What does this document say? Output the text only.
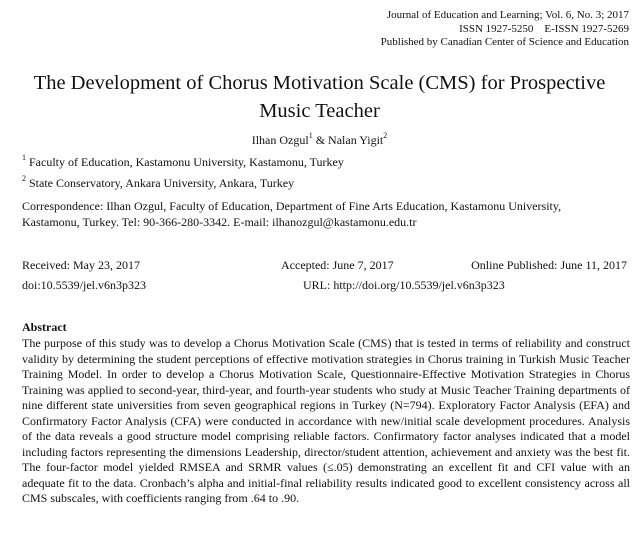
Journal of Education and Learning; Vol. 6, No. 3; 2017
ISSN 1927-5250    E-ISSN 1927-5269
Published by Canadian Center of Science and Education
The Development of Chorus Motivation Scale (CMS) for Prospective
Music Teacher
Ilhan Ozgul$^1$ & Nalan Yigit$^2$
$^1$ Faculty of Education, Kastamonu University, Kastamonu, Turkey
$^2$ State Conservatory, Ankara University, Ankara, Turkey
Correspondence: Ilhan Ozgul, Faculty of Education, Department of Fine Arts Education, Kastamonu University,
Kastamonu, Turkey. Tel: 90-366-280-3342. E-mail: ilhanozgul@kastamonu.edu.tr
Received: May 23, 2017	Accepted: June 7, 2017	Online Published: June 11, 2017
doi:10.5539/jel.v6n3p323	URL: http://doi.org/10.5539/jel.v6n3p323
Abstract

The purpose of this study was to develop a Chorus Motivation Scale (CMS) that is tested in terms of reliability and construct validity by determining the student perceptions of effective motivation strategies in Chorus training in Turkish Music Teacher Training Model. In order to develop a Chorus Motivation Scale, Questionnaire-Effective Motivation Strategies in Chorus Training was applied to second-year, third-year, and fourth-year students who study at Music Teacher Training departments of nine different state universities from seven geographical regions in Turkey (N=794). Exploratory Factor Analysis (EFA) and Confirmatory Factor Analysis (CFA) were conducted in accordance with new/initial scale development procedures. Analysis of the data reveals a good structure model comprising reliable factors. Confirmatory factor analyses indicated that a model including factors representing the dimensions Leadership, director/student attention, achievement and anxiety was the best fit. The four-factor model yielded RMSEA and SRMR values (≤.05) demonstrating an excellent fit and CFI value with an adequate fit to the data. Cronbach’s alpha and initial-final reliability results indicated good to excellent consistency across all CMS subscales, with coefficients ranging from .64 to .90.
